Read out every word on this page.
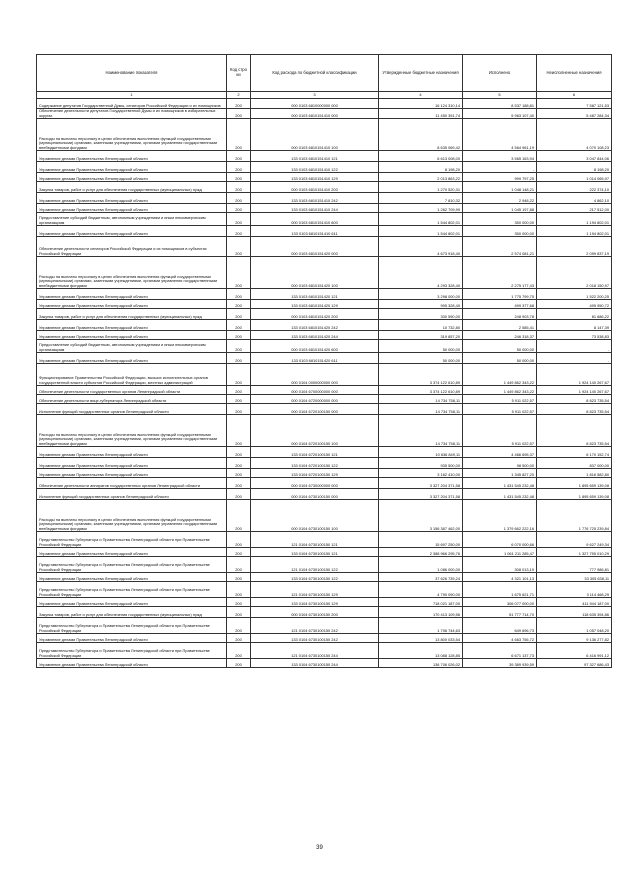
Наименование показателя	Код стро ки	Код расхода по бюджетной классификации	Утвержденные бюджетные назначения	Исполнено	Неисполненные назначения
1	2	3	4	5	6
Содержание депутатов Государственной Думы, сенаторов Российской Федерации и их помощников	200	000 0103 6810000000 000	16 124 310,14	8 537 188,81	7 587 121,53
Обеспечение деятельности депутатов Государственной Думы и их помощников в избирательных округах	200	000 0103 6810151410 000	11 450 391,74	5 963 107,40	5 487 284,34
Расходы на выплаты персоналу в целях обеспечения выполнения функций государственными (муниципальными) органами, казенными учреждениями, органами управления государственными внебюджетными фондами	200	000 0103 6810151410 100	8 635 069,42	4 564 961,19	4 070 108,23
Управление делами Правительства Ленинградской области	200	133 0103 6810151410 121	6 613 008,00	3 565 163,94	3 047 844,06
Управление делами Правительства Ленинградской области	200	133 0103 6810151410 122	8 198,20	-	8 198,20
Управление делами Правительства Ленинградской области	200	133 0103 6810151410 129	2 013 863,22	999 797,25	1 014 065,97
Закупка товаров, работ и услуг для обеспечения государственных (муниципальных) нужд	200	000 0103 6810151410 200	1 270 520,31	1 048 148,21	222 374,10
Управление делами Правительства Ленинградской области	200	133 0103 6810151410 242	7 810,32	2 948,22	4 862,10
Управление делами Правительства Ленинградской области	200	133 0103 6810151410 244	1 262 709,99	1 045 197,88	217 512,00
Предоставление субсидий бюджетным, автономным учреждениям и иным некоммерческим организациям	200	000 0103 6810151410 600	1 544 802,01	350 000,00	1 194 802,01
Управление делами Правительства Ленинградской области	200	133 0103 6810151410 611	1 544 802,01	350 000,00	1 194 802,01
Обеспечение деятельности сенаторов Российской Федерации и их помощников в субъектах Российской Федерации	200	000 0103 6810151420 000	4 673 918,40	2 574 081,21	2 099 837,19
Расходы на выплаты персоналу в целях обеспечения выполнения функций государственными (муниципальными) органами, казенными учреждениями, органами управления государственными внебюджетными фондами	200	000 0103 6810151420 100	4 293 328,40	2 275 177,43	2 018 150,97
Управление делами Правительства Ленинградской области	200	133 0103 6810151420 121	3 298 000,00	1 775 799,75	1 522 200,25
Управление делами Правительства Ленинградской области	200	133 0103 6810151420 129	995 328,40	499 377,68	495 950,72
Закупка товаров, работ и услуг для обеспечения государственных (муниципальных) нужд	200	000 0103 6810151420 200	330 590,00	248 903,78	81 686,22
Управление делами Правительства Ленинградской области	200	133 0103 6810151420 242	10 732,80	2 585,41	8 147,39
Управление делами Правительства Ленинградской области	200	133 0103 6810151420 244	319 857,20	246 318,37	73 538,83
Предоставление субсидий бюджетным, автономным учреждениям и иным некоммерческим организациям	200	000 0103 6810151420 600	50 000,00	50 000,00	-
Управление делами Правительства Ленинградской области	200	133 0103 6810151420 611	50 000,00	50 000,00	-
Функционирование Правительства Российской Федерации, высших исполнительных органов государственной власти субъектов Российской Федерации, местных администраций	200	000 0104 0000000000 000	3 374 122 610,89	1 449 862 343,22	1 924 140 267,67
Обеспечение деятельности государственных органов Ленинградской области	200	000 0104 6700000000 000	3 374 122 610,89	1 449 862 343,22	1 924 140 267,67
Обеспечение деятельности вице-губернатора Ленинградской области	200	000 0104 6720000000 000	14 734 758,11	5 911 022,57	8 823 735,54
Исполнение функций государственных органов Ленинградской области	200	000 0104 6720100150 000	14 734 758,11	5 911 022,57	8 823 735,54
Расходы на выплаты персоналу в целях обеспечения выполнения функций государственными (муниципальными) органами, казенными учреждениями, органами управления государственными внебюджетными фондами	200	000 0104 6720100150 100	14 734 758,11	5 911 022,57	8 823 735,54
Управление делами Правительства Ленинградской области	200	133 0104 6720100150 121	10 636 849,11	4 466 695,37	6 170 152,74
Управление делами Правительства Ленинградской области	200	133 0104 6720100150 122	935 500,00	98 500,00	837 000,00
Управление делами Правительства Ленинградской области	200	133 0104 6720100150 129	3 162 410,00	1 345 827,20	1 816 582,80
Обеспечение деятельности аппаратов государственных органов Ленинградской области	200	000 0104 6730000000 000	3 327 204 371,58	1 431 545 232,48	1 895 659 139,08
Исполнение функций государственных органов Ленинградской области	200	000 0104 6730100150 000	3 327 204 371,58	1 431 545 232,48	1 895 659 139,08
Расходы на выплаты персоналу в целях обеспечения выполнения функций государственными (муниципальными) органами, казенными учреждениями, органами управления государственными внебюджетными фондами	200	000 0104 6730100150 100	3 156 387 462,00	1 379 662 222,16	1 776 725 239,84
Представительство Губернатора и Правительства Ленинградской области при Правительстве Российской Федерации	200	121 0104 6730100150 121	15 697 250,00	6 070 000,66	9 627 249,34
Управление делами Правительства Ленинградской области	200	133 0104 6730100150 121	2 388 966 295,76	1 061 211 285,47	1 327 755 010,29
Представительство Губернатора и Правительства Ленинградской области при Правительстве Российской Федерации	200	121 0104 6730100150 122	1 086 000,00	308 013,19	777 986,81
Управление делами Правительства Ленинградской области	200	133 0104 6730100150 122	37 626 739,24	4 321 101,13	33 305 638,11
Представительство Губернатора и Правительства Ленинградской области при Правительстве Российской Федерации	200	121 0104 6730100150 129	4 790 090,00	1 675 621,71	3 114 468,29
Управление делами Правительства Ленинградской области	200	133 0104 6730100150 129	718 021 187,00	306 077 000,00	411 944 187,00
Закупка товаров, работ и услуг для обеспечения государственных (муниципальных) нужд	200	000 0104 6730100150 200	170 413 109,56	51 777 714,70	118 635 394,86
Представительство Губернатора и Правительства Ленинградской области при Правительстве Российской Федерации	200	121 0104 6730100150 242	1 706 744,63	649 696,73	1 057 048,20
Управление делами Правительства Ленинградской области	200	133 0104 6730100150 242	13 800 033,54	4 663 756,72	9 136 277,82
Представительство Губернатора и Правительства Ленинградской области при Правительстве Российской Федерации	200	121 0104 6730100150 244	13 088 128,85	6 671 137,73	6 416 991,12
Управление делами Правительства Ленинградской области	200	133 0104 6730100150 244	136 706 026,02	39 389 939,59	97 327 686,43
39
